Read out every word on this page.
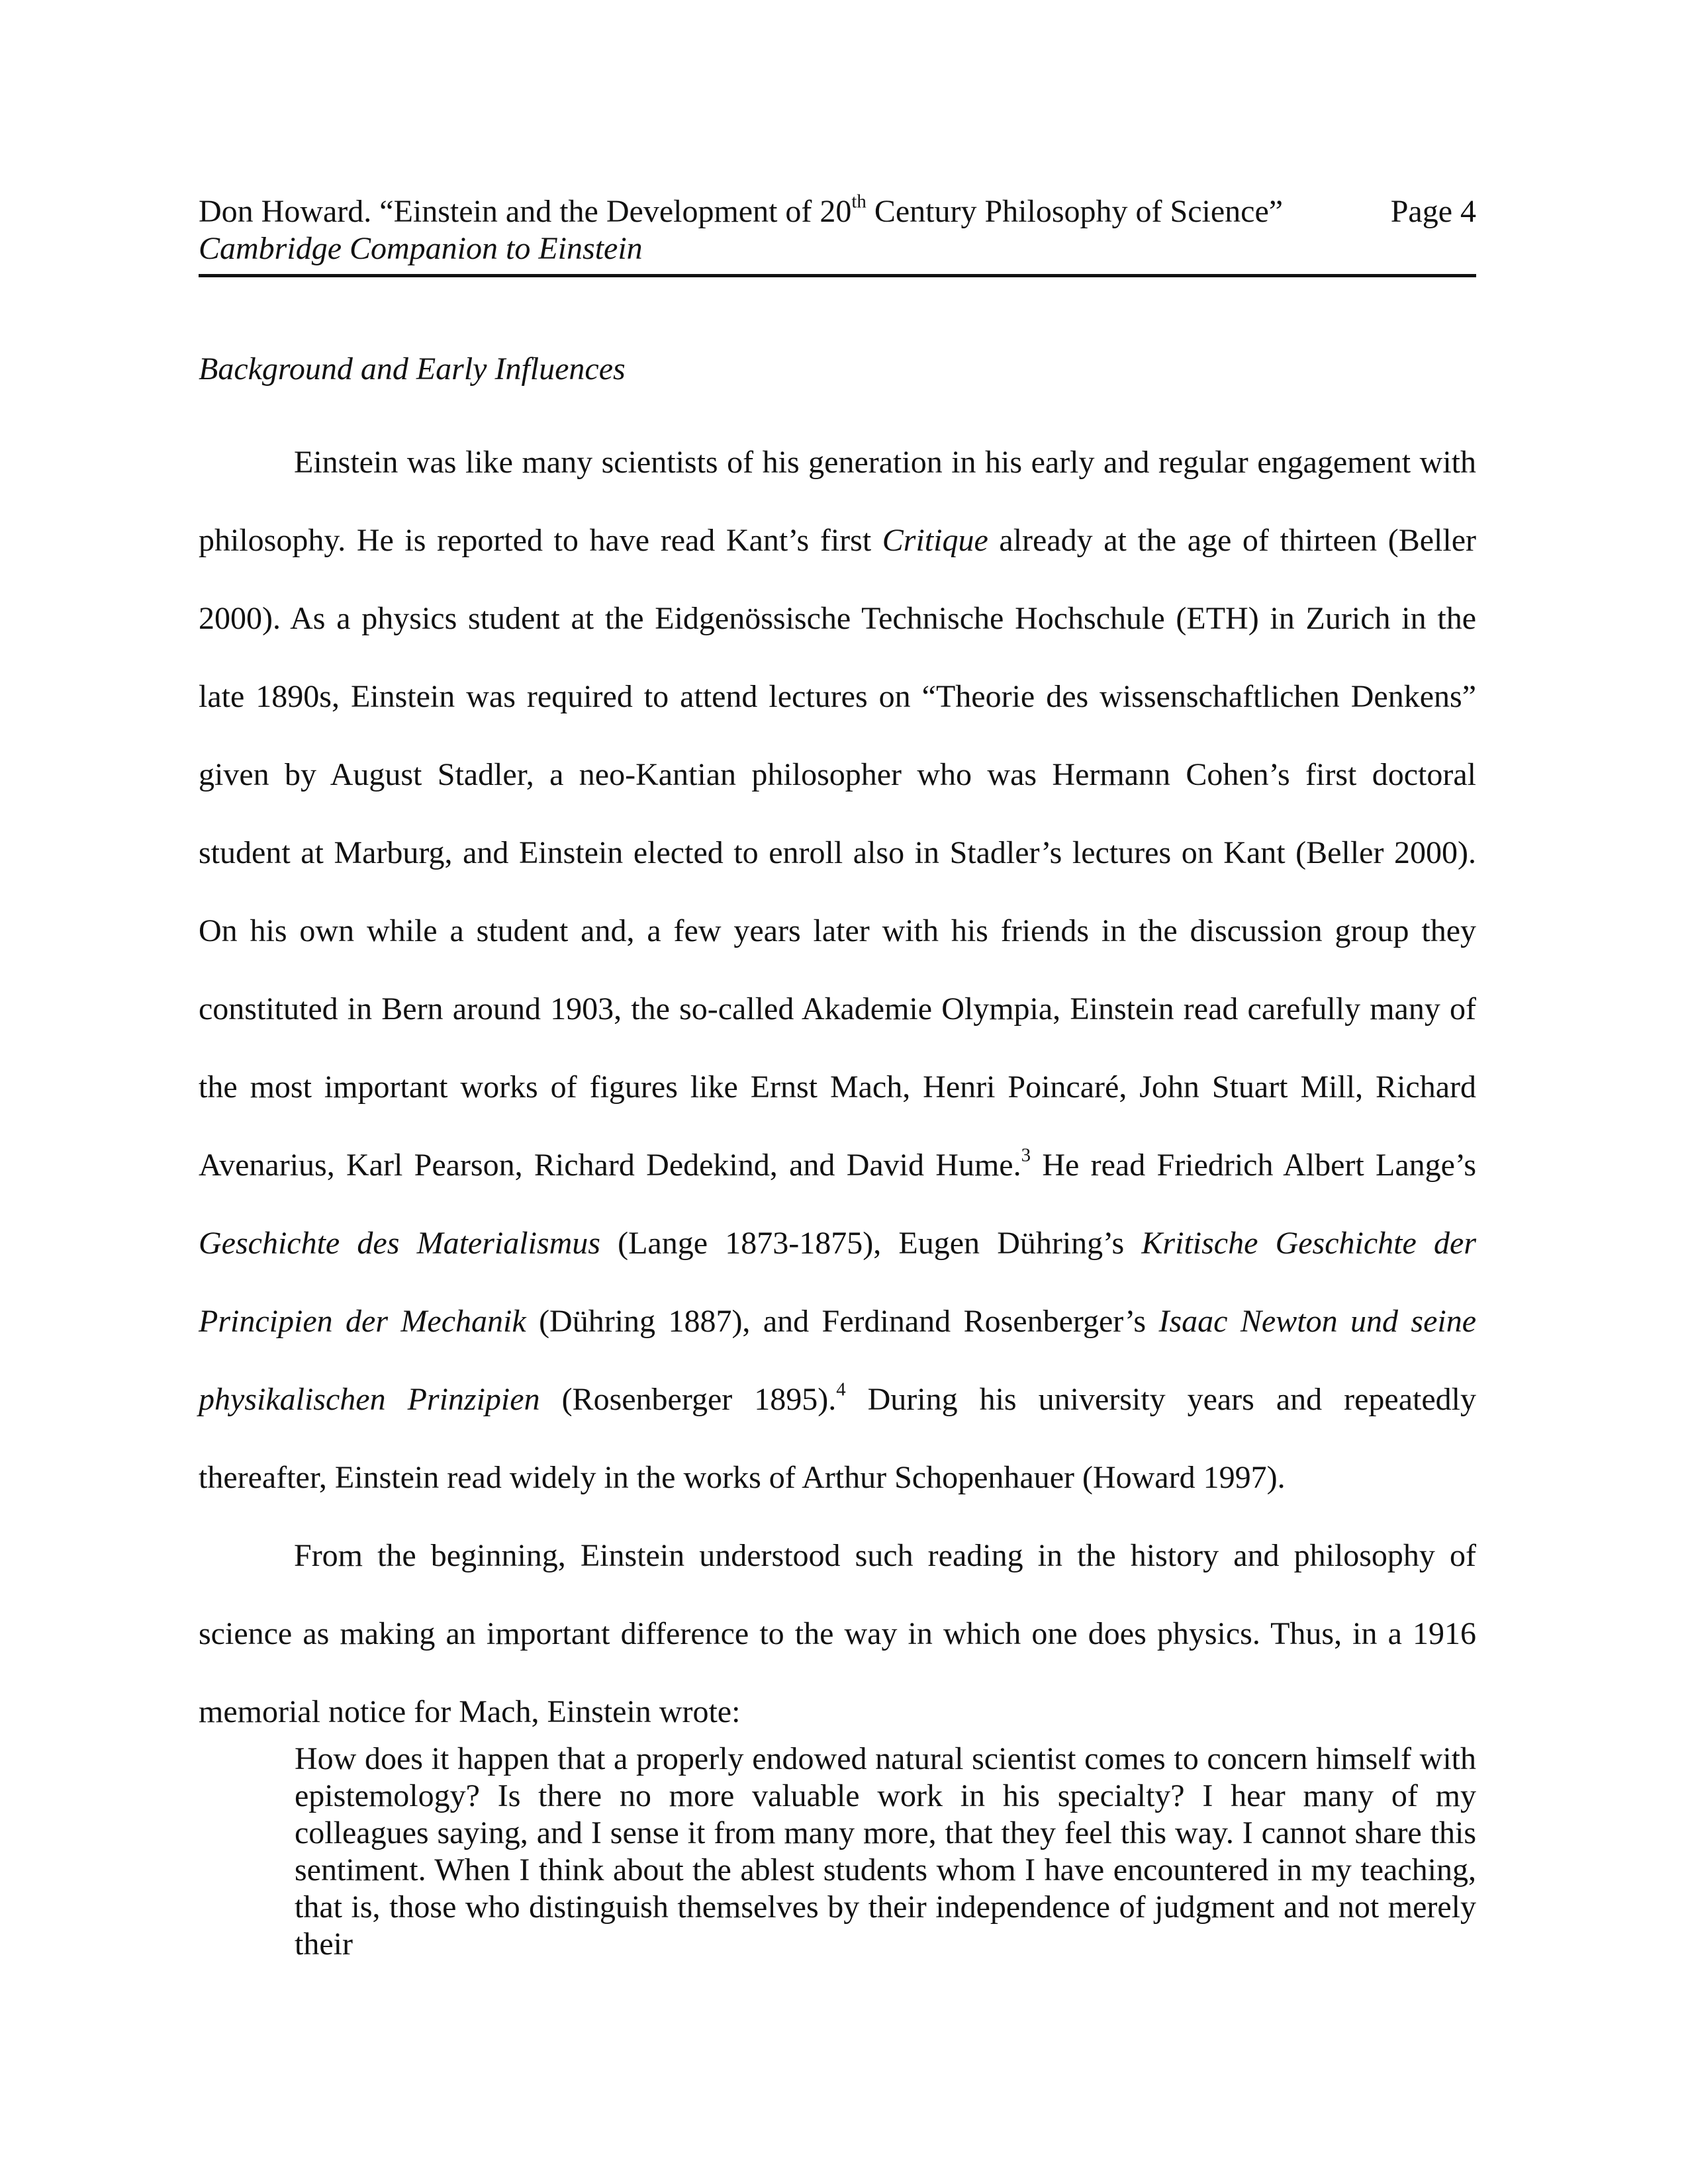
Don Howard. “Einstein and the Development of 20th Century Philosophy of Science”	Page 4
Cambridge Companion to Einstein
Background and Early Influences

Einstein was like many scientists of his generation in his early and regular engagement with philosophy. He is reported to have read Kant’s first Critique already at the age of thirteen (Beller 2000). As a physics student at the Eidgenössische Technische Hochschule (ETH) in Zurich in the late 1890s, Einstein was required to attend lectures on “Theorie des wissenschaftlichen Denkens” given by August Stadler, a neo-Kantian philosopher who was Hermann Cohen’s first doctoral student at Marburg, and Einstein elected to enroll also in Stadler’s lectures on Kant (Beller 2000). On his own while a student and, a few years later with his friends in the discussion group they constituted in Bern around 1903, the so-called Akademie Olympia, Einstein read carefully many of the most important works of figures like Ernst Mach, Henri Poincaré, John Stuart Mill, Richard Avenarius, Karl Pearson, Richard Dedekind, and David Hume.$^3$ He read Friedrich Albert Lange’s Geschichte des Materialismus (Lange 1873-1875), Eugen Dühring’s Kritische Geschichte der Principien der Mechanik (Dühring 1887), and Ferdinand Rosenberger’s Isaac Newton und seine physikalischen Prinzipien (Rosenberger 1895).$^4$ During his university years and repeatedly thereafter, Einstein read widely in the works of Arthur Schopenhauer (Howard 1997).

From the beginning, Einstein understood such reading in the history and philosophy of science as making an important difference to the way in which one does physics. Thus, in a 1916 memorial notice for Mach, Einstein wrote:

How does it happen that a properly endowed natural scientist comes to concern himself with epistemology? Is there no more valuable work in his specialty? I hear many of my colleagues saying, and I sense it from many more, that they feel this way. I cannot share this sentiment. When I think about the ablest students whom I have encountered in my teaching, that is, those who distinguish themselves by their independence of judgment and not merely their
